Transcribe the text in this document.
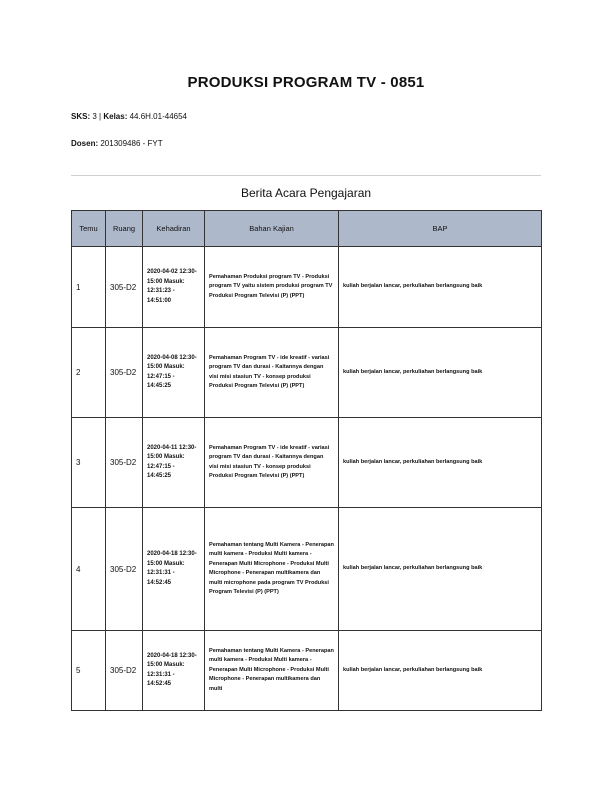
PRODUKSI PROGRAM TV - 0851
SKS: 3 | Kelas: 44.6H.01-44654
Dosen: 201309486 - FYT
Berita Acara Pengajaran
Temu	Ruang	Kehadiran	Bahan Kajian	BAP
1	305-D2	2020-04-02 12:30-15:00 Masuk: 12:31:23 - 14:51:00	Pemahaman Produksi program TV - Produksi program TV yaitu sistem produksi program TV Produksi Program Televisi (P) (PPT)	kuliah berjalan lancar, perkuliahan berlangsung baik
2	305-D2	2020-04-08 12:30-15:00 Masuk: 12:47:15 - 14:45:25	Pemahaman Program TV - ide kreatif - variasi program TV dan durasi - Kaitannya dengan visi misi stasiun TV - konsep produksi Produksi Program Televisi (P) (PPT)	kuliah berjalan lancar, perkuliahan berlangsung baik
3	305-D2	2020-04-11 12:30-15:00 Masuk: 12:47:15 - 14:45:25	Pemahaman Program TV - ide kreatif - variasi program TV dan durasi - Kaitannya dengan visi misi stasiun TV - konsep produksi Produksi Program Televisi (P) (PPT)	kuliah berjalan lancar, perkuliahan berlangsung baik
4	305-D2	2020-04-18 12:30-15:00 Masuk: 12:31:31 - 14:52:45	Pemahaman tentang Multi Kamera - Penerapan multi kamera - Produksi Multi kamera - Penerapan Multi Microphone - Produksi Multi Microphone - Penerapan multikamera dan multi microphone pada program TV Produksi Program Televisi (P) (PPT)	kuliah berjalan lancar, perkuliahan berlangsung baik
5	305-D2	2020-04-18 12:30-15:00 Masuk: 12:31:31 - 14:52:45	Pemahaman tentang Multi Kamera - Penerapan multi kamera - Produksi Multi kamera - Penerapan Multi Microphone - Produksi Multi Microphone - Penerapan multikamera dan multi	kuliah berjalan lancar, perkuliahan berlangsung baik
